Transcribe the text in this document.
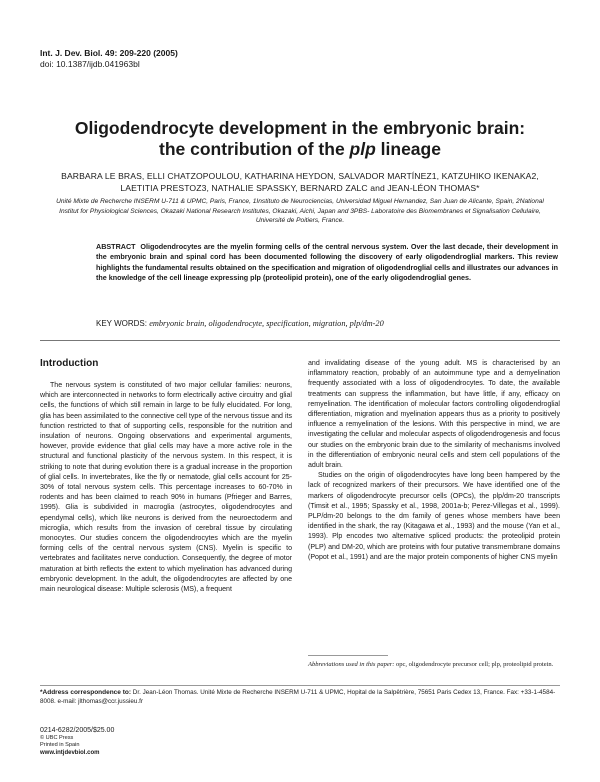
Int. J. Dev. Biol. 49: 209-220 (2005)
doi: 10.1387/ijdb.041963bl
Oligodendrocyte development in the embryonic brain:
the contribution of the plp lineage
BARBARA LE BRAS, ELLI CHATZOPOULOU, KATHARINA HEYDON, SALVADOR MARTÍNEZ1, KATZUHIKO IKENAKA2, LAETITIA PRESTOZ3, NATHALIE SPASSKY, BERNARD ZALC and JEAN-LÉON THOMAS*
Unité Mixte de Recherche INSERM U-711 & UPMC, Paris, France, 1Instituto de Neurociencias, Universidad Miguel Hernandez, San Juan de Alicante, Spain, 2National Institut for Physiological Sciences, Okazaki National Research Institutes, Okazaki, Aichi, Japan and 3PBS- Laboratoire des Biomembranes et Signalisation Cellulaire, Université de Poitiers, France.
ABSTRACT Oligodendrocytes are the myelin forming cells of the central nervous system. Over the last decade, their development in the embryonic brain and spinal cord has been documented following the discovery of early oligodendroglial markers. This review highlights the fundamental results obtained on the specification and migration of oligodendroglial cells and illustrates our advances in the knowledge of the cell lineage expressing plp (proteolipid protein), one of the early oligodendroglial genes.
KEY WORDS: embryonic brain, oligodendrocyte, specification, migration, plp/dm-20
Introduction

The nervous system is constituted of two major cellular families: neurons, which are interconnected in networks to form electrically active circuitry and glial cells, the functions of which still remain in large to be fully elucidated. For long, glia has been assimilated to the connective cell type of the nervous tissue and its function restricted to that of supporting cells, responsible for the nutrition and insulation of neurons. Ongoing observations and experimental arguments, however, provide evidence that glial cells may have a more active role in the structural and functional plasticity of the nervous system. In this respect, it is striking to note that during evolution there is a gradual increase in the proportion of glial cells. In invertebrates, like the fly or nematode, glial cells account for 25-30% of total nervous system cells. This percentage increases to 60-70% in rodents and has been claimed to reach 90% in humans (Pfrieger and Barres, 1995). Glia is subdivided in macroglia (astrocytes, oligodendrocytes and ependymal cells), which like neurons is derived from the neuroectoderm and microglia, which results from the invasion of cerebral tissue by circulating monocytes. Our studies concern the oligodendrocytes which are the myelin forming cells of the central nervous system (CNS). Myelin is specific to vertebrates and facilitates nerve conduction. Consequently, the degree of motor maturation at birth reflects the extent to which myelination has advanced during embryonic development. In the adult, the oligodendrocytes are affected by one main neurological disease: Multiple sclerosis (MS), a frequent

and invalidating disease of the young adult. MS is characterised by an inflammatory reaction, probably of an autoimmune type and a demyelination frequently associated with a loss of oligodendrocytes. To date, the available treatments can suppress the inflammation, but have little, if any, efficacy on remyelination. The identification of molecular factors controlling oligodendroglial differentiation, migration and myelination appears thus as a priority to positively influence a remyelination of the lesions. With this perspective in mind, we are investigating the cellular and molecular aspects of oligodendrogenesis and focus our studies on the embryonic brain due to the similarity of mechanisms involved in the differentiation of embryonic neural cells and stem cell populations of the adult brain.

Studies on the origin of oligodendrocytes have long been hampered by the lack of recognized markers of their precursors. We have identified one of the markers of oligodendrocyte precursor cells (OPCs), the plp/dm-20 transcripts (Timsit et al., 1995; Spassky et al., 1998, 2001a-b; Perez-Villegas et al., 1999). PLP/dm-20 belongs to the dm family of genes whose members have been identified in the shark, the ray (Kitagawa et al., 1993) and the mouse (Yan et al., 1993). Plp encodes two alternative spliced products: the proteolipid protein (PLP) and DM-20, which are proteins with four putative transmembrane domains (Popot et al., 1991) and are the major protein components of higher CNS myelin

Abbreviations used in this paper: opc, oligodendrocyte precursor cell; plp, proteolipid protein.
*Address correspondence to: Dr. Jean-Léon Thomas. Unité Mixte de Recherche INSERM U-711 & UPMC, Hopital de la Salpêtrière, 75651 Paris Cedex 13, France. Fax: +33-1-4584-8008. e-mail: jlthomas@ccr.jussieu.fr
0214-6282/2005/$25.00
© UBC Press
Printed in Spain
www.intjdevbiol.com
